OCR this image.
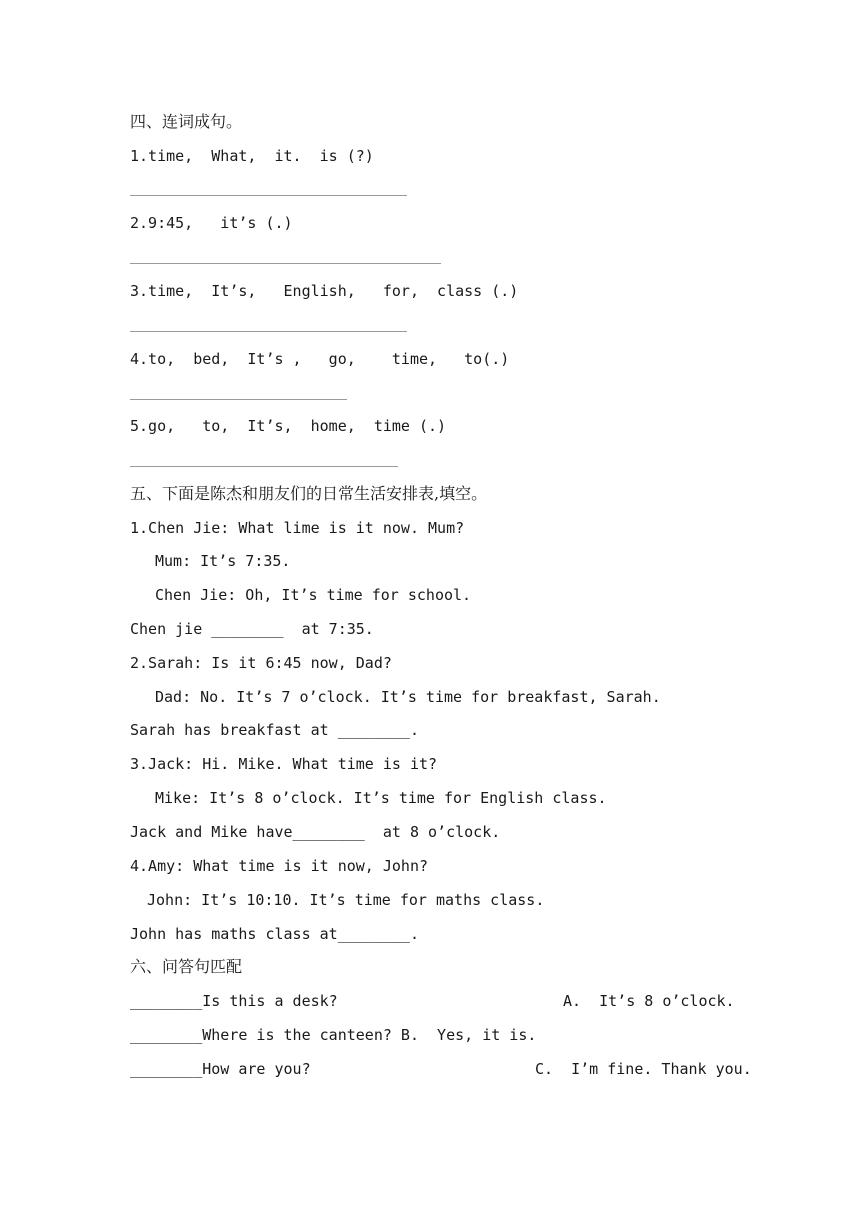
四、连词成句。
1.time,  What,  it.  is (?)
2.9:45,   it’s (.)
3.time,  It’s,   English,   for,  class (.)
4.to,  bed,  It’s ,   go,    time,   to(.)
5.go,   to,  It’s,  home,  time (.)
五、下面是陈杰和朋友们的日常生活安排表,填空。
1.Chen Jie: What lime is it now. Mum?
Mum: It’s 7:35.
Chen Jie: Oh, It’s time for school.
Chen jie ________  at 7:35.
2.Sarah: Is it 6:45 now, Dad?
Dad: No. It’s 7 o’clock. It’s time for breakfast, Sarah.
Sarah has breakfast at ________.
3.Jack: Hi. Mike. What time is it?
Mike: It’s 8 o’clock. It’s time for English class.
Jack and Mike have________  at 8 o’clock.
4.Amy: What time is it now, John?
John: It’s 10:10. It’s time for maths class.
John has maths class at________.
六、问答句匹配
________Is this a desk?	A.  It’s 8 o’clock.
________Where is the canteen? B.  Yes, it is.
________How are you?	C.  I’m fine. Thank you.
